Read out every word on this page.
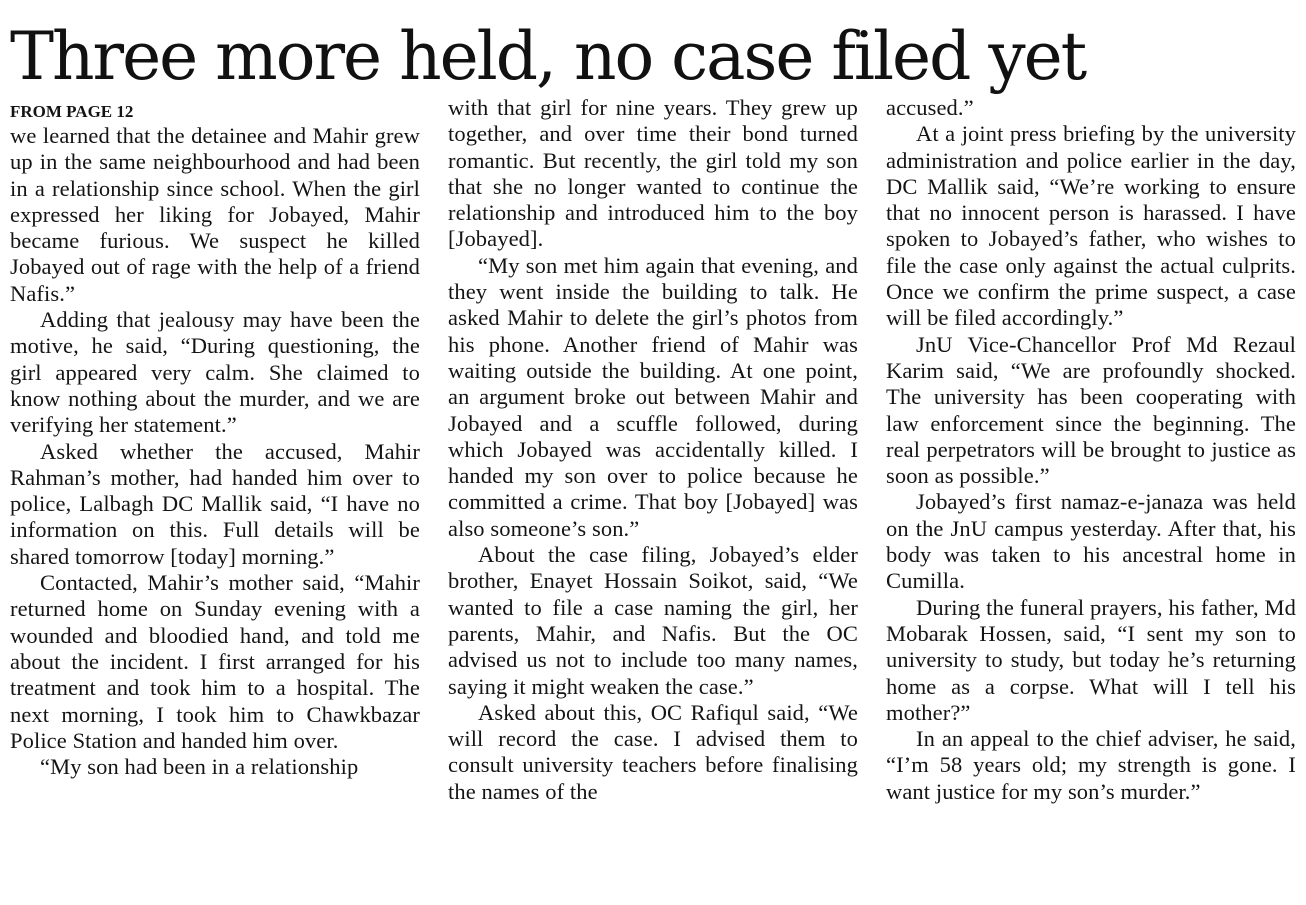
Three more held, no case filed yet
FROM PAGE 12

we learned that the detainee and Mahir grew up in the same neighbourhood and had been in a relationship since school. When the girl expressed her liking for Jobayed, Mahir became furious. We suspect he killed Jobayed out of rage with the help of a friend Nafis.”

Adding that jealousy may have been the motive, he said, “During questioning, the girl appeared very calm. She claimed to know nothing about the murder, and we are verifying her statement.”

Asked whether the accused, Mahir Rahman’s mother, had handed him over to police, Lalbagh DC Mallik said, “I have no information on this. Full details will be shared tomorrow [today] morning.”

Contacted, Mahir’s mother said, “Mahir returned home on Sunday evening with a wounded and bloodied hand, and told me about the incident. I first arranged for his treatment and took him to a hospital. The next morning, I took him to Chawkbazar Police Station and handed him over.

“My son had been in a relationship

with that girl for nine years. They grew up together, and over time their bond turned romantic. But recently, the girl told my son that she no longer wanted to continue the relationship and introduced him to the boy [Jobayed].

“My son met him again that evening, and they went inside the building to talk. He asked Mahir to delete the girl’s photos from his phone. Another friend of Mahir was waiting outside the building. At one point, an argument broke out between Mahir and Jobayed and a scuffle followed, during which Jobayed was accidentally killed. I handed my son over to police because he committed a crime. That boy [Jobayed] was also someone’s son.”

About the case filing, Jobayed’s elder brother, Enayet Hossain Soikot, said, “We wanted to file a case naming the girl, her parents, Mahir, and Nafis. But the OC advised us not to include too many names, saying it might weaken the case.”

Asked about this, OC Rafiqul said, “We will record the case. I advised them to consult university teachers before finalising the names of the

accused.”

At a joint press briefing by the university administration and police earlier in the day, DC Mallik said, “We’re working to ensure that no innocent person is harassed. I have spoken to Jobayed’s father, who wishes to file the case only against the actual culprits. Once we confirm the prime suspect, a case will be filed accordingly.”

JnU Vice-Chancellor Prof Md Rezaul Karim said, “We are profoundly shocked. The university has been cooperating with law enforcement since the beginning. The real perpetrators will be brought to justice as soon as possible.”

Jobayed’s first namaz-e-janaza was held on the JnU campus yesterday. After that, his body was taken to his ancestral home in Cumilla.

During the funeral prayers, his father, Md Mobarak Hossen, said, “I sent my son to university to study, but today he’s returning home as a corpse. What will I tell his mother?”

In an appeal to the chief adviser, he said, “I’m 58 years old; my strength is gone. I want justice for my son’s murder.”
